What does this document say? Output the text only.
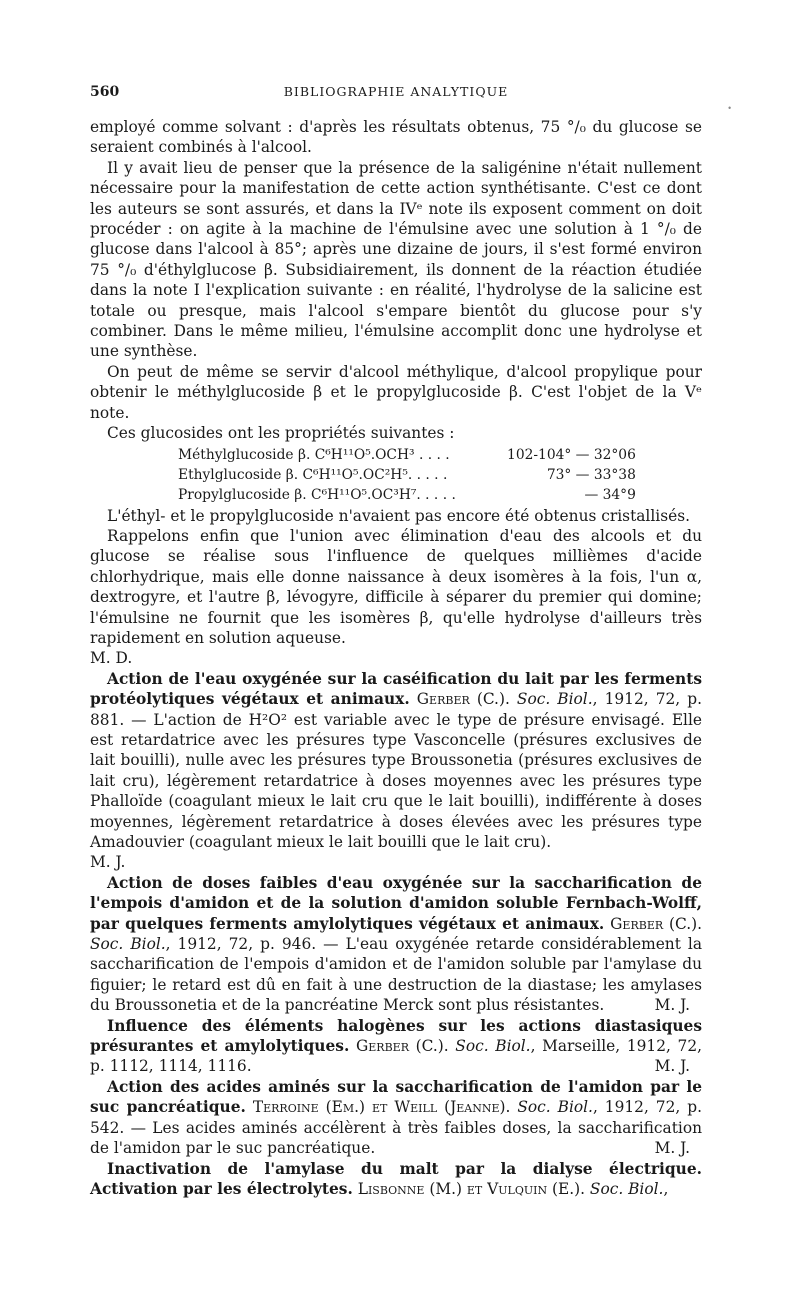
560	BIBLIOGRAPHIE ANALYTIQUE
•

employé comme solvant : d'après les résultats obtenus, 75 °/₀ du glucose se seraient combinés à l'alcool.

Il y avait lieu de penser que la présence de la saligénine n'était nullement nécessaire pour la manifestation de cette action synthétisante. C'est ce dont les auteurs se sont assurés, et dans la IVᵉ note ils exposent comment on doit procéder : on agite à la machine de l'émulsine avec une solution à 1 °/₀ de glucose dans l'alcool à 85°; après une dizaine de jours, il s'est formé environ 75 °/₀ d'éthylglucose β. Subsidiairement, ils donnent de la réaction étudiée dans la note I l'explication suivante : en réalité, l'hydrolyse de la salicine est totale ou presque, mais l'alcool s'empare bientôt du glucose pour s'y combiner. Dans le même milieu, l'émulsine accomplit donc une hydrolyse et une synthèse.

On peut de même se servir d'alcool méthylique, d'alcool propylique pour obtenir le méthylglucoside β et le propylglucoside β. C'est l'objet de la Vᵉ note.

Ces glucosides ont les propriétés suivantes :

Méthylglucoside β. C⁶H¹¹O⁵.OCH³ . . . .	102-104° — 32°06
Ethylglucoside β. C⁶H¹¹O⁵.OC²H⁵. . . . .	73° — 33°38
Propylglucoside β. C⁶H¹¹O⁵.OC³H⁷. . . . .	— 34°9

L'éthyl- et le propylglucoside n'avaient pas encore été obtenus cristallisés.

Rappelons enfin que l'union avec élimination d'eau des alcools et du glucose se réalise sous l'influence de quelques millièmes d'acide chlorhydrique, mais elle donne naissance à deux isomères à la fois, l'un α, dextrogyre, et l'autre β, lévogyre, difficile à séparer du premier qui domine; l'émulsine ne fournit que les isomères β, qu'elle hydrolyse d'ailleurs très rapidement en solution aqueuse.

M. D.

Action de l'eau oxygénée sur la caséification du lait par les ferments protéolytiques végétaux et animaux. Gerber (C.). Soc. Biol., 1912, 72, p. 881. — L'action de H²O² est variable avec le type de présure envisagé. Elle est retardatrice avec les présures type Vasconcelle (présures exclusives de lait bouilli), nulle avec les présures type Broussonetia (présures exclusives de lait cru), légèrement retardatrice à doses moyennes avec les présures type Phalloïde (coagulant mieux le lait cru que le lait bouilli), indifférente à doses moyennes, légèrement retardatrice à doses élevées avec les présures type Amadouvier (coagulant mieux le lait bouilli que le lait cru).

M. J.

Action de doses faibles d'eau oxygénée sur la saccharification de l'empois d'amidon et de la solution d'amidon soluble Fernbach-Wolff, par quelques ferments amylolytiques végétaux et animaux. Gerber (C.). Soc. Biol., 1912, 72, p. 946. — L'eau oxygénée retarde considérablement la saccharification de l'empois d'amidon et de l'amidon soluble par l'amylase du figuier; le retard est dû en fait à une destruction de la diastase; les amylases du Broussonetia et de la pancréatine Merck sont plus résistantes.	M. J.

Influence des éléments halogènes sur les actions diastasiques présurantes et amylolytiques. Gerber (C.). Soc. Biol., Marseille, 1912, 72, p. 1112, 1114, 1116.	M. J.

Action des acides aminés sur la saccharification de l'amidon par le suc pancréatique. Terroine (Em.) et Weill (Jeanne). Soc. Biol., 1912, 72, p. 542. — Les acides aminés accélèrent à très faibles doses, la saccharification de l'amidon par le suc pancréatique.	M. J.

Inactivation de l'amylase du malt par la dialyse électrique. Activation par les électrolytes. Lisbonne (M.) et Vulquin (E.). Soc. Biol.,
